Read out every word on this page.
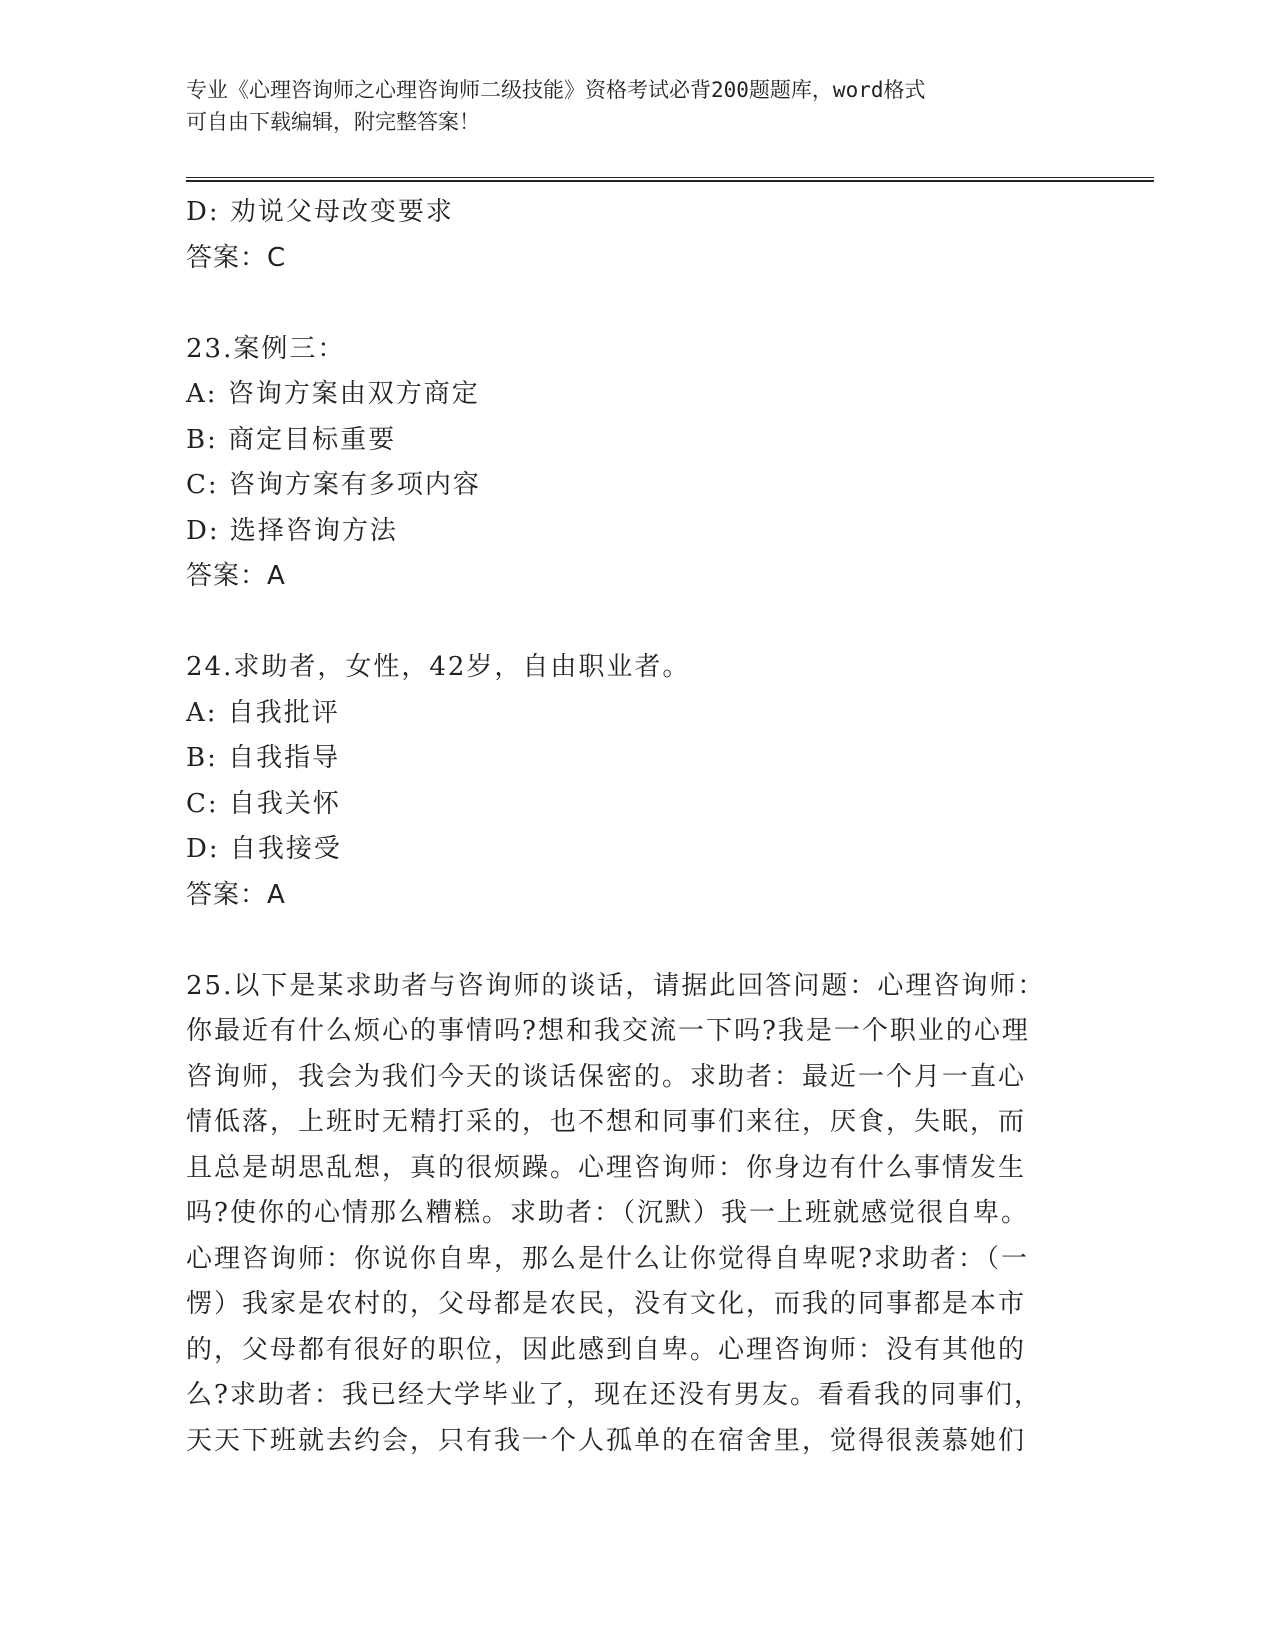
专业《心理咨询师之心理咨询师二级技能》资格考试必背200题题库，word格式

可自由下载编辑，附完整答案！

D: 劝说父母改变要求
答案：C
23.案例三：
A: 咨询方案由双方商定
B: 商定目标重要
C: 咨询方案有多项内容
D: 选择咨询方法
答案：A
24.求助者，女性，42岁，自由职业者。
A: 自我批评
B: 自我指导
C: 自我关怀
D: 自我接受
答案：A
25.以下是某求助者与咨询师的谈话，请据此回答问题：心理咨询师：
你最近有什么烦心的事情吗?想和我交流一下吗?我是一个职业的心理
咨询师，我会为我们今天的谈话保密的。求助者：最近一个月一直心
情低落，上班时无精打采的，也不想和同事们来往，厌食，失眠，而
且总是胡思乱想，真的很烦躁。心理咨询师：你身边有什么事情发生
吗?使你的心情那么糟糕。求助者：（沉默）我一上班就感觉很自卑。
心理咨询师：你说你自卑，那么是什么让你觉得自卑呢?求助者：（一
愣）我家是农村的，父母都是农民，没有文化，而我的同事都是本市
的，父母都有很好的职位，因此感到自卑。心理咨询师：没有其他的
么?求助者：我已经大学毕业了，现在还没有男友。看看我的同事们，
天天下班就去约会，只有我一个人孤单的在宿舍里，觉得很羡慕她们
